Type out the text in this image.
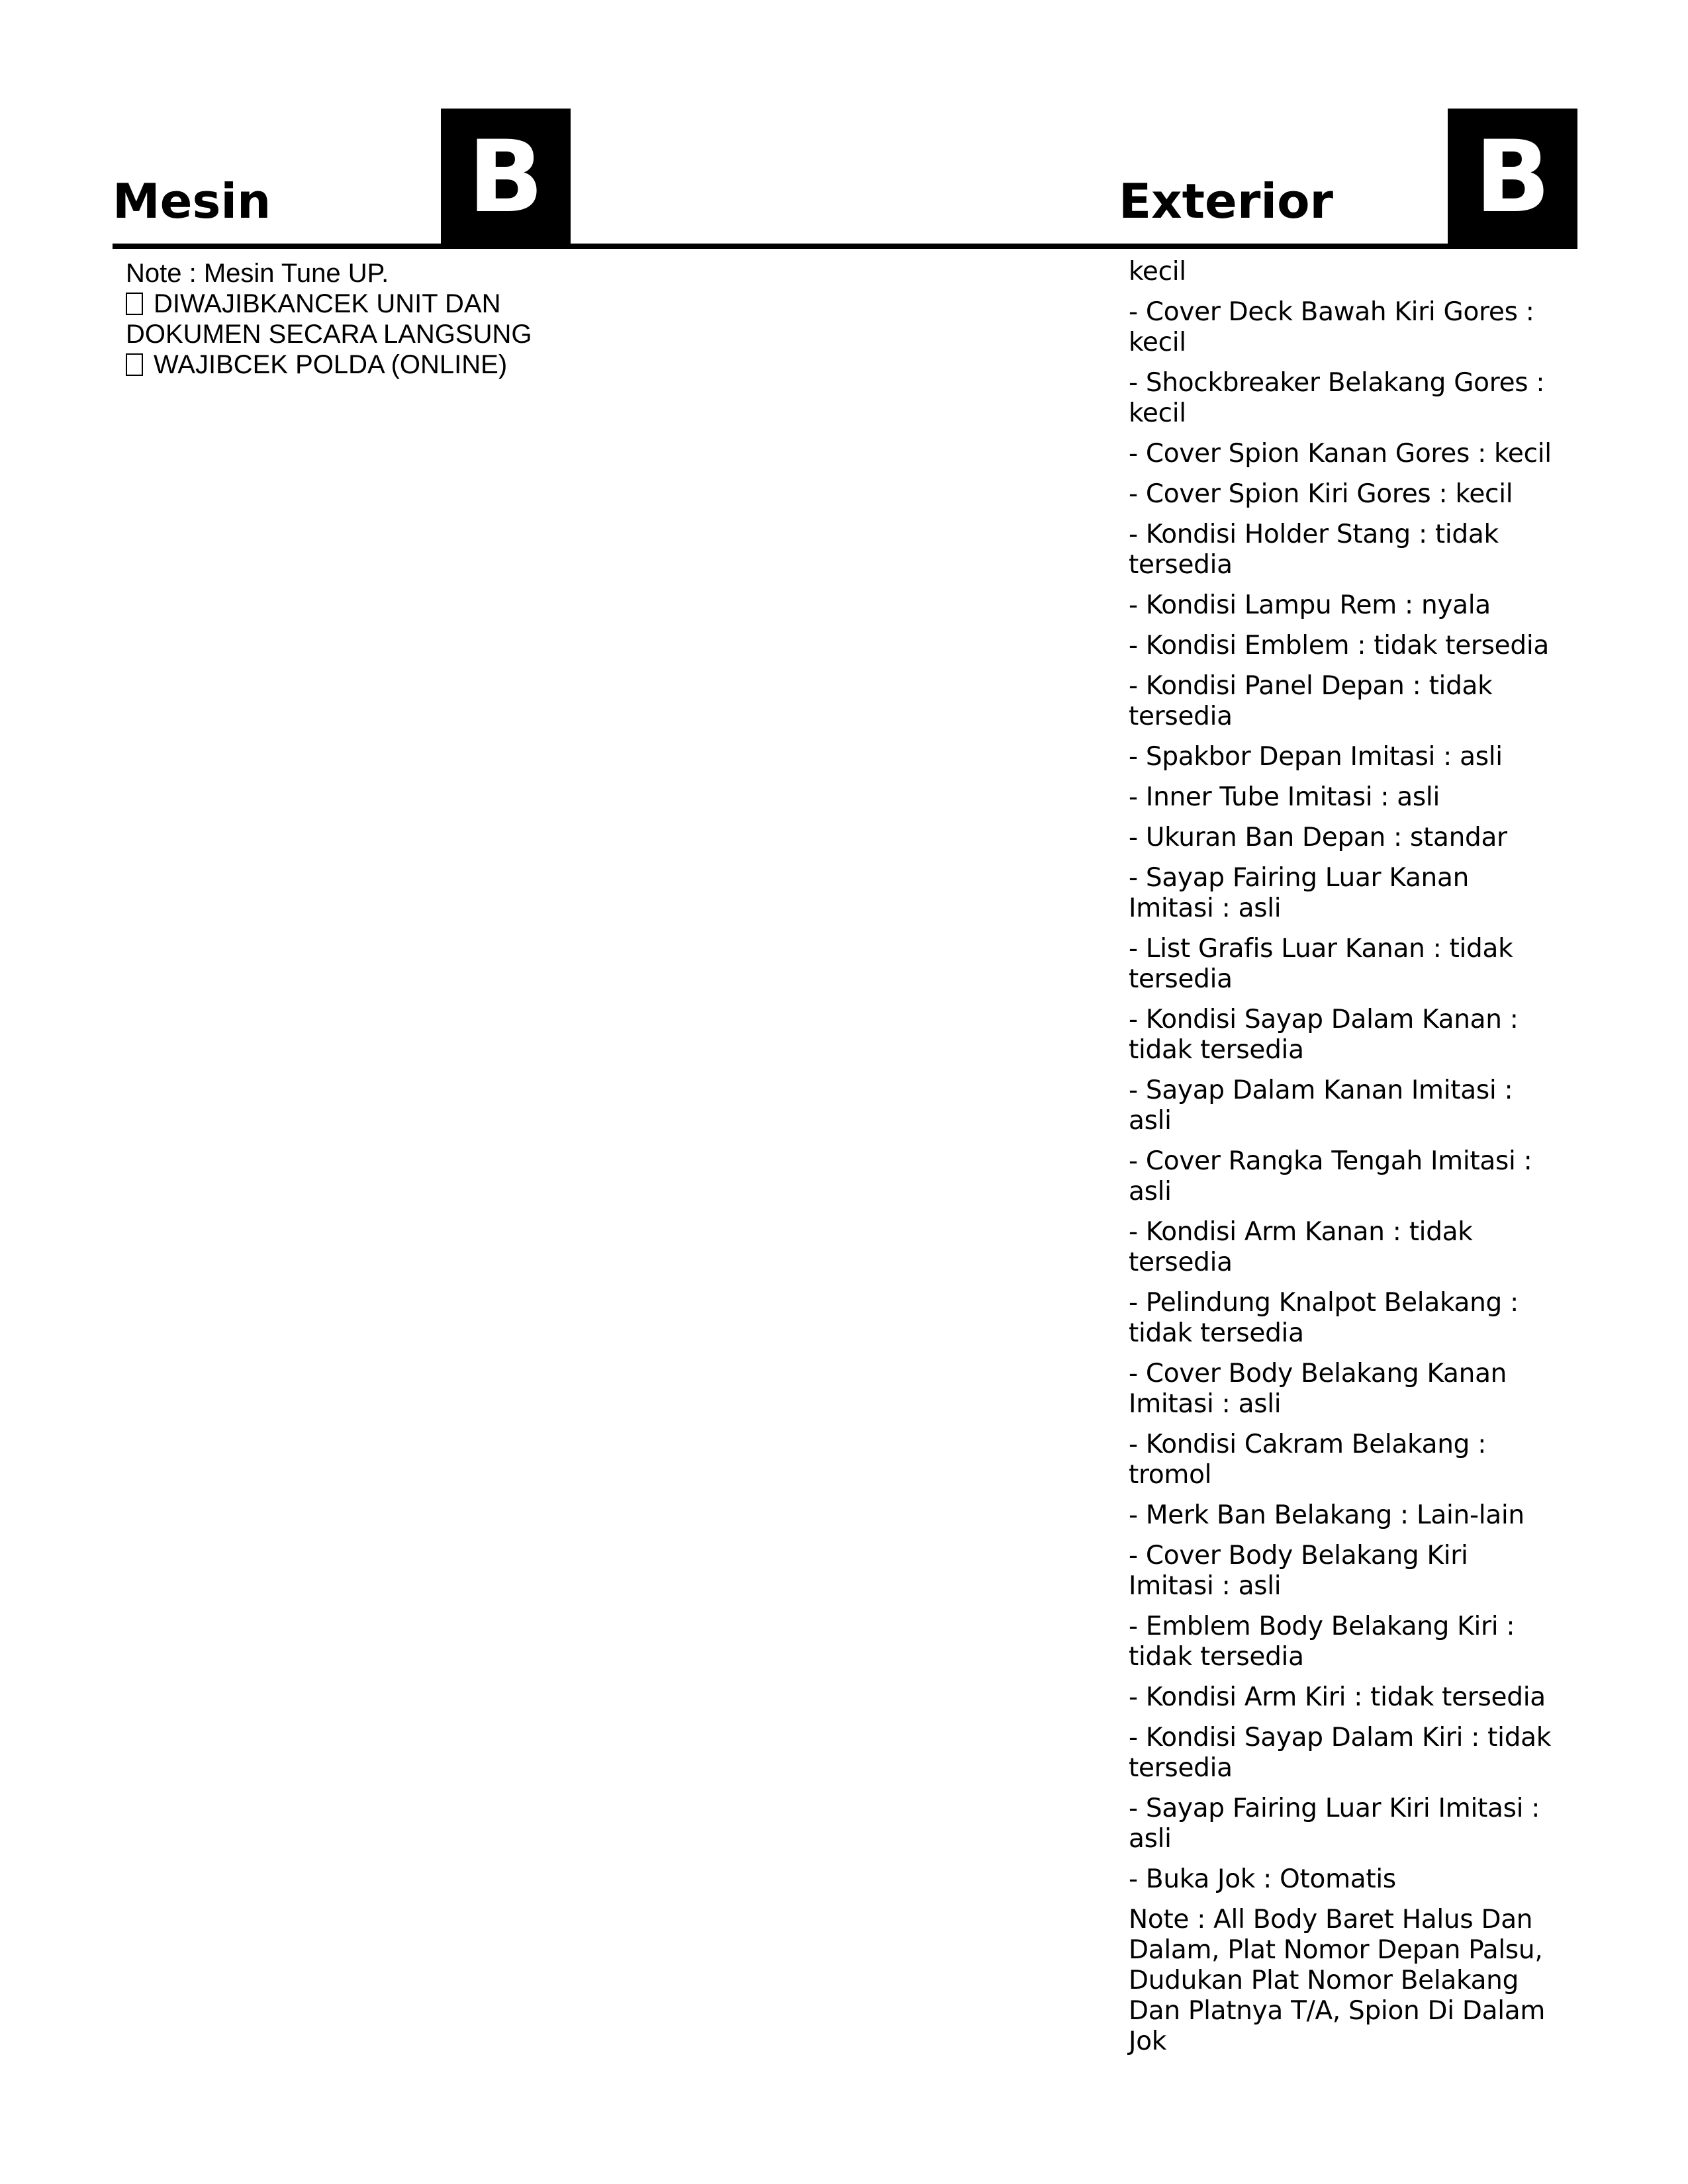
Mesin B	Exterior B
Note : Mesin Tune UP.
DIWAJIBKANCEK UNIT DAN
DOKUMEN SECARA LANGSUNG
WAJIBCEK POLDA (ONLINE)
kecil
- Cover Deck Bawah Kiri Gores : kecil
- Shockbreaker Belakang Gores : kecil
- Cover Spion Kanan Gores : kecil
- Cover Spion Kiri Gores : kecil
- Kondisi Holder Stang : tidak tersedia
- Kondisi Lampu Rem : nyala
- Kondisi Emblem : tidak tersedia
- Kondisi Panel Depan : tidak tersedia
- Spakbor Depan Imitasi : asli
- Inner Tube Imitasi : asli
- Ukuran Ban Depan : standar
- Sayap Fairing Luar Kanan Imitasi : asli
- List Grafis Luar Kanan : tidak tersedia
- Kondisi Sayap Dalam Kanan : tidak tersedia
- Sayap Dalam Kanan Imitasi : asli
- Cover Rangka Tengah Imitasi : asli
- Kondisi Arm Kanan : tidak tersedia
- Pelindung Knalpot Belakang : tidak tersedia
- Cover Body Belakang Kanan Imitasi : asli
- Kondisi Cakram Belakang : tromol
- Merk Ban Belakang : Lain-lain
- Cover Body Belakang Kiri Imitasi : asli
- Emblem Body Belakang Kiri : tidak tersedia
- Kondisi Arm Kiri : tidak tersedia
- Kondisi Sayap Dalam Kiri : tidak tersedia
- Sayap Fairing Luar Kiri Imitasi : asli
- Buka Jok : Otomatis
Note : All Body Baret Halus Dan Dalam, Plat Nomor Depan Palsu, Dudukan Plat Nomor Belakang Dan Platnya T/A, Spion Di Dalam Jok
